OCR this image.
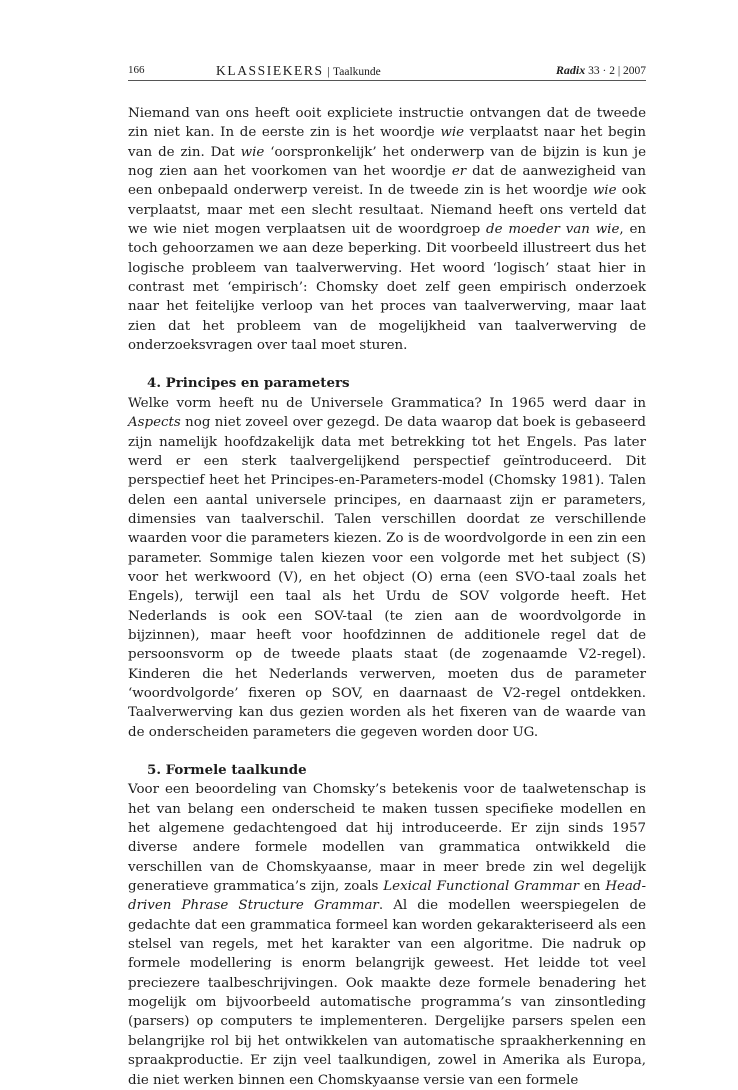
166	KLASSIEKERS | Taalkunde	Radix 33 · 2 | 2007

Niemand van ons heeft ooit expliciete instructie ontvangen dat de tweede zin niet kan. In de eerste zin is het woordje wie verplaatst naar het begin van de zin. Dat wie ‘oorspronkelijk’ het onderwerp van de bijzin is kun je nog zien aan het voorkomen van het woordje er dat de aanwezigheid van een onbepaald onderwerp vereist. In de tweede zin is het woordje wie ook verplaatst, maar met een slecht resultaat. Niemand heeft ons verteld dat we wie niet mogen verplaatsen uit de woordgroep de moeder van wie, en toch gehoorzamen we aan deze beperking. Dit voorbeeld illustreert dus het logische probleem van taalverwerving. Het woord ‘logisch’ staat hier in contrast met ‘empirisch’: Chomsky doet zelf geen empirisch onderzoek naar het feitelijke verloop van het proces van taalverwerving, maar laat zien dat het probleem van de mogelijkheid van taalverwerving de onderzoeksvragen over taal moet sturen.

4. Principes en parameters

Welke vorm heeft nu de Universele Grammatica? In 1965 werd daar in Aspects nog niet zoveel over gezegd. De data waarop dat boek is gebaseerd zijn namelijk hoofdzakelijk data met betrekking tot het Engels. Pas later werd er een sterk taalvergelijkend perspectief geïntroduceerd. Dit perspectief heet het Principes-en-Parameters-model (Chomsky 1981). Talen delen een aantal universele principes, en daarnaast zijn er parameters, dimensies van taalverschil. Talen verschillen doordat ze verschillende waarden voor die parameters kiezen. Zo is de woordvolgorde in een zin een parameter. Sommige talen kiezen voor een volgorde met het subject (S) voor het werkwoord (V), en het object (O) erna (een SVO-taal zoals het Engels), terwijl een taal als het Urdu de SOV volgorde heeft. Het Nederlands is ook een SOV-taal (te zien aan de woordvolgorde in bijzinnen), maar heeft voor hoofdzinnen de additionele regel dat de persoonsvorm op de tweede plaats staat (de zogenaamde V2-regel). Kinderen die het Nederlands verwerven, moeten dus de parameter ‘woordvolgorde’ fixeren op SOV, en daarnaast de V2-regel ontdekken. Taalverwerving kan dus gezien worden als het fixeren van de waarde van de onderscheiden parameters die gegeven worden door UG.

5. Formele taalkunde

Voor een beoordeling van Chomsky’s betekenis voor de taalwetenschap is het van belang een onderscheid te maken tussen specifieke modellen en het algemene gedachtengoed dat hij introduceerde. Er zijn sinds 1957 diverse andere formele modellen van grammatica ontwikkeld die verschillen van de Chomskyaanse, maar in meer brede zin wel degelijk generatieve grammatica’s zijn, zoals Lexical Functional Grammar en Head-driven Phrase Structure Grammar. Al die modellen weerspiegelen de gedachte dat een grammatica formeel kan worden gekarakteriseerd als een stelsel van regels, met het karakter van een algoritme. Die nadruk op formele modellering is enorm belangrijk geweest. Het leidde tot veel preciezere taalbeschrijvingen. Ook maakte deze formele benadering het mogelijk om bijvoorbeeld automatische programma’s van zinsontleding (parsers) op computers te implementeren. Dergelijke parsers spelen een belangrijke rol bij het ontwikkelen van automatische spraakherkenning en spraakproductie. Er zijn veel taalkundigen, zowel in Amerika als Europa, die niet werken binnen een Chomskyaanse versie van een formele
